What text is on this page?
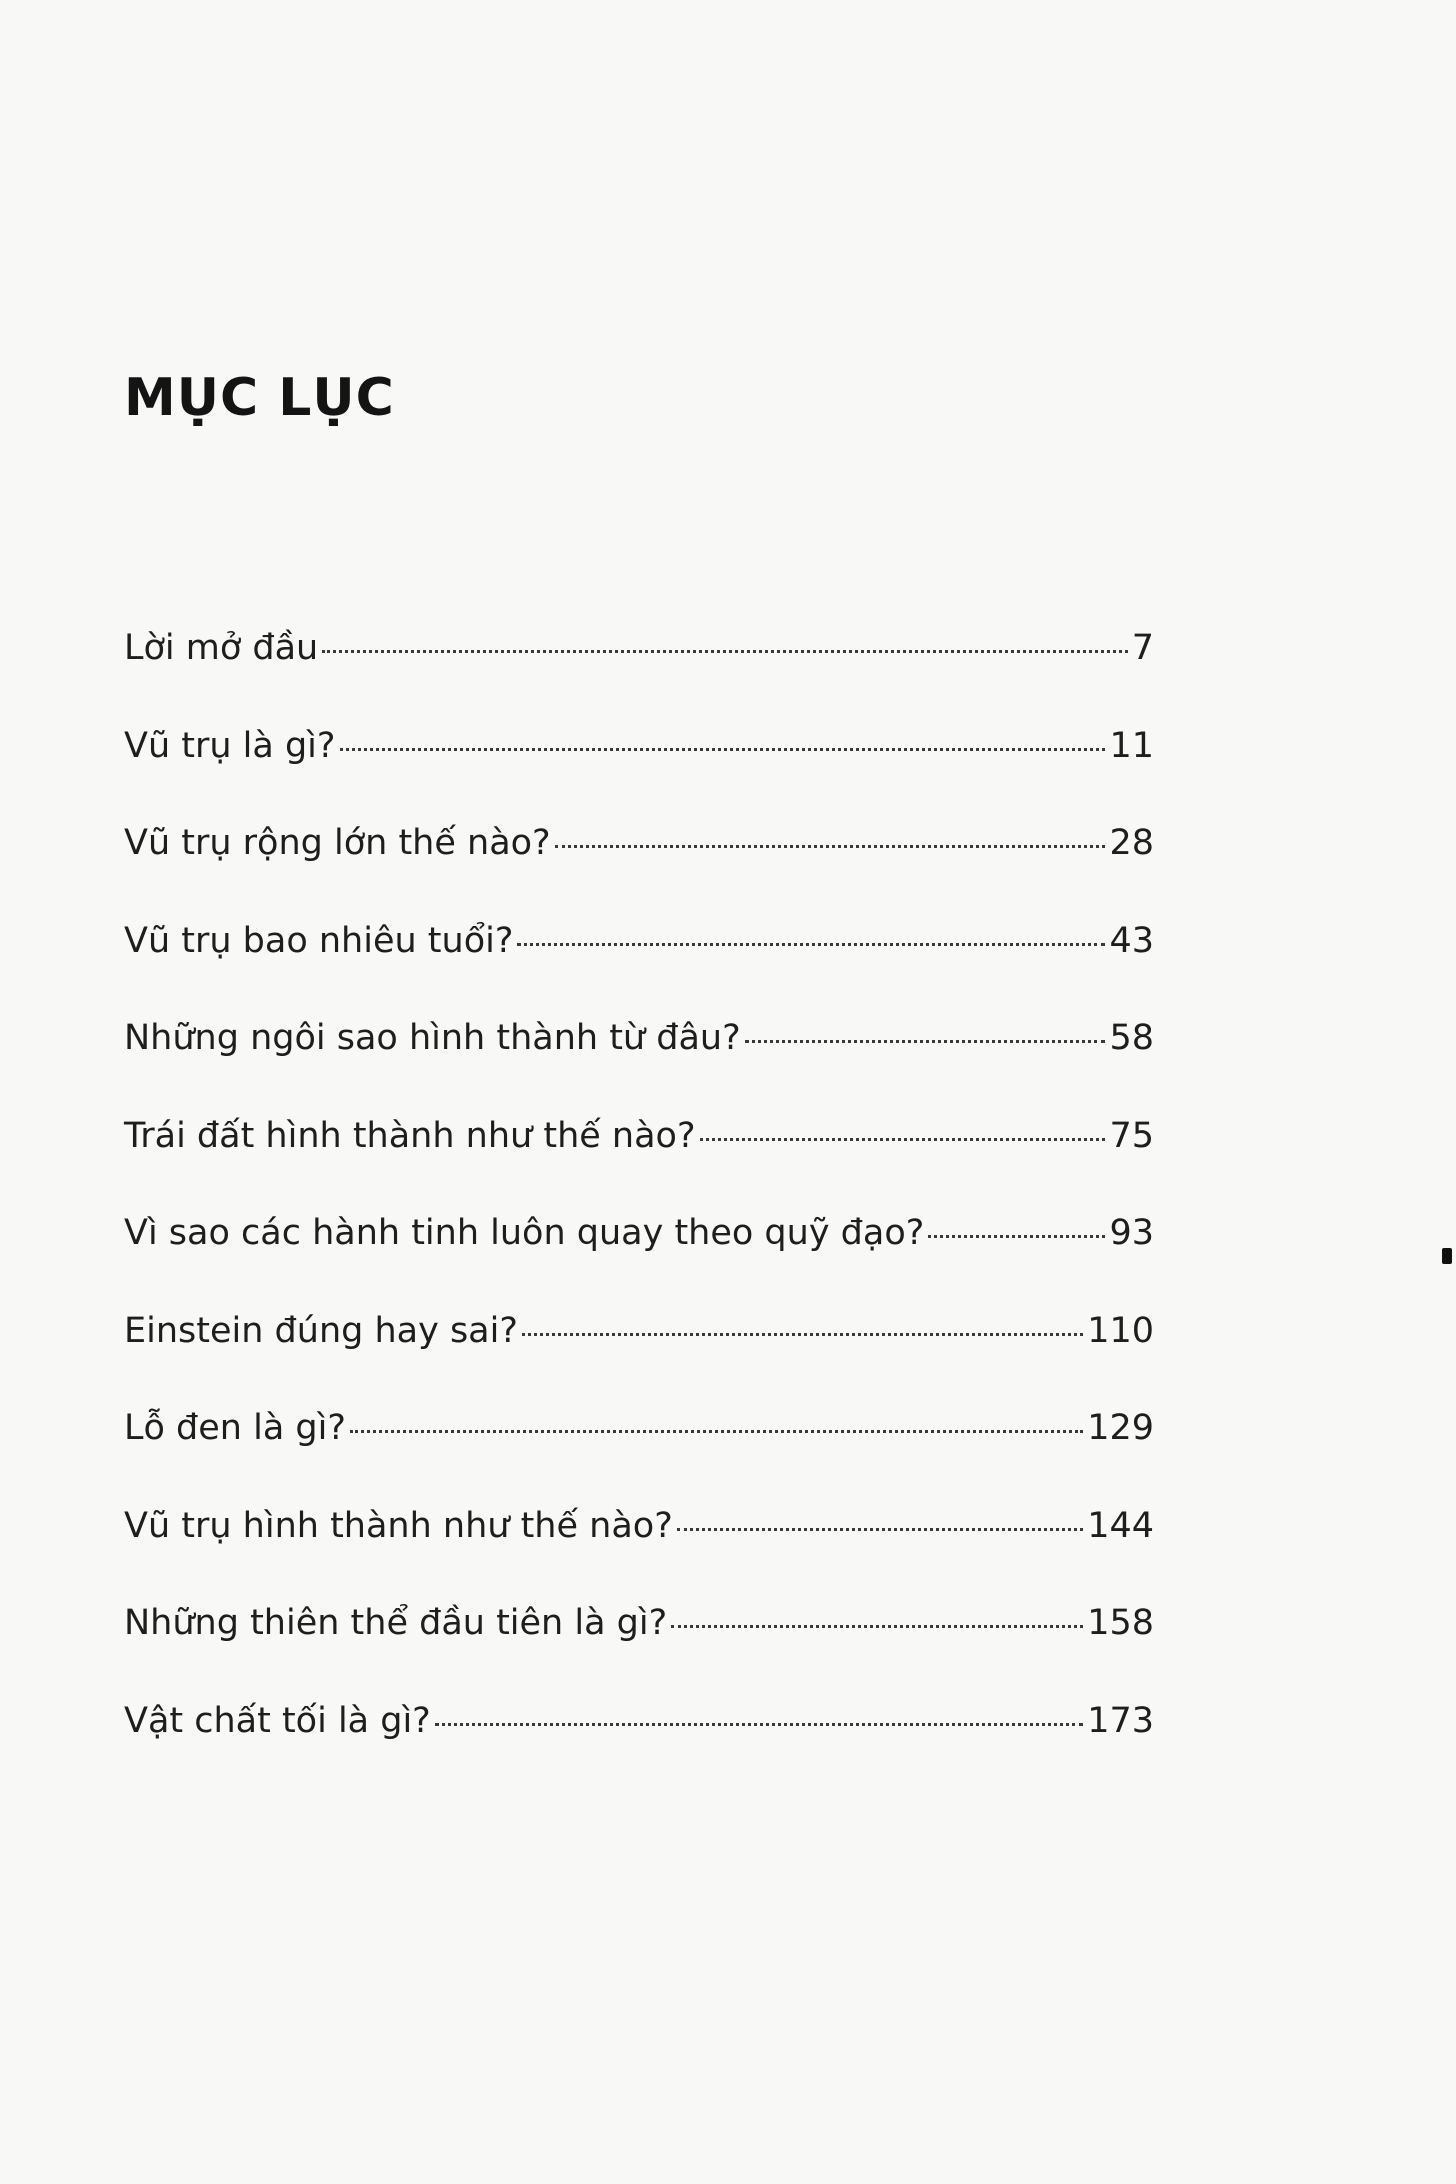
MỤC LỤC
Lời mở đầu	7
Vũ trụ là gì?	11
Vũ trụ rộng lớn thế nào?	28
Vũ trụ bao nhiêu tuổi?	43
Những ngôi sao hình thành từ đâu?	58
Trái đất hình thành như thế nào?	75
Vì sao các hành tinh luôn quay theo quỹ đạo?	93
Einstein đúng hay sai?	110
Lỗ đen là gì?	129
Vũ trụ hình thành như thế nào?	144
Những thiên thể đầu tiên là gì?	158
Vật chất tối là gì?	173
